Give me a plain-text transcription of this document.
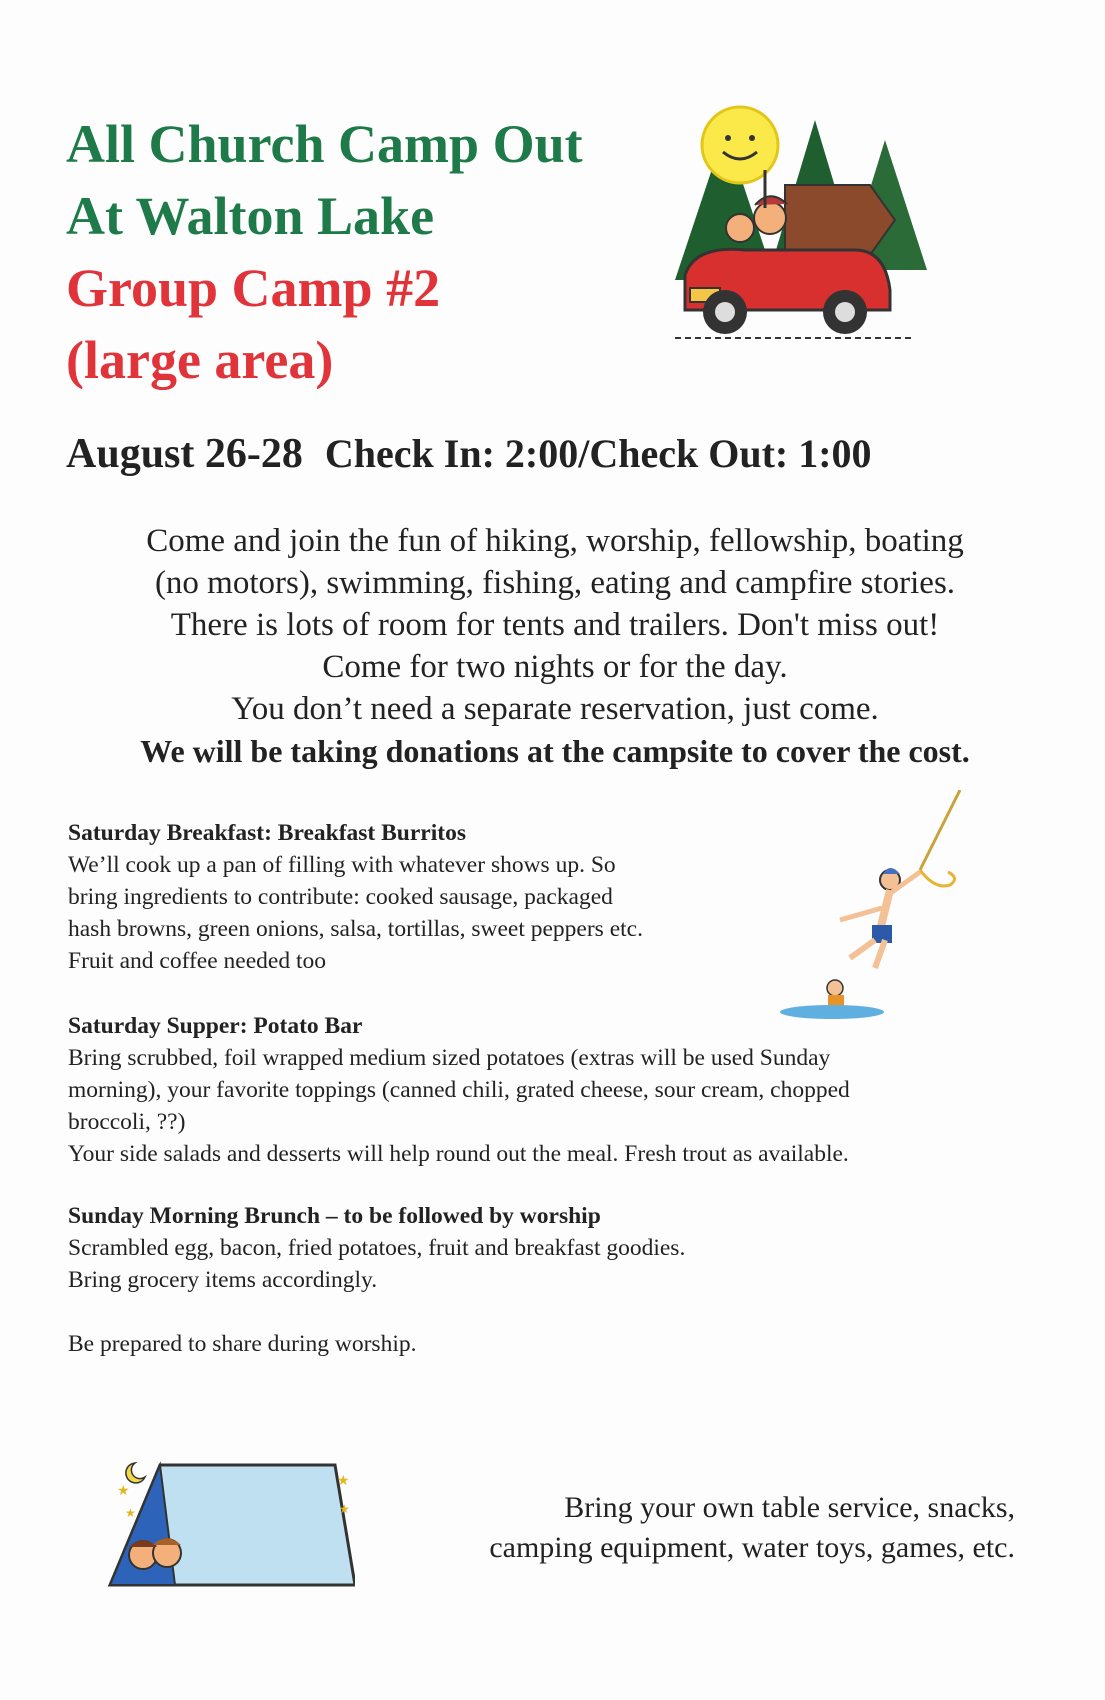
All Church Camp Out
At Walton Lake
Group Camp #2
(large area)
August 26-28 Check In: 2:00/Check Out: 1:00
Come and join the fun of hiking, worship, fellowship, boating
(no motors), swimming, fishing, eating and campfire stories.
There is lots of room for tents and trailers. Don't miss out!
Come for two nights or for the day.
You don’t need a separate reservation, just come.
We will be taking donations at the campsite to cover the cost.
Saturday Breakfast: Breakfast Burritos
We’ll cook up a pan of filling with whatever shows up. So
bring ingredients to contribute: cooked sausage, packaged
hash browns, green onions, salsa, tortillas, sweet peppers etc.
Fruit and coffee needed too
Saturday Supper: Potato Bar
Bring scrubbed, foil wrapped medium sized potatoes (extras will be used Sunday
morning), your favorite toppings (canned chili, grated cheese, sour cream, chopped
broccoli, ??)
Your side salads and desserts will help round out the meal. Fresh trout as available.
Sunday Morning Brunch – to be followed by worship
Scrambled egg, bacon, fried potatoes, fruit and breakfast goodies.
Bring grocery items accordingly.
Be prepared to share during worship.
★
★
★
★	Bring your own table service, snacks,
camping equipment, water toys, games, etc.
